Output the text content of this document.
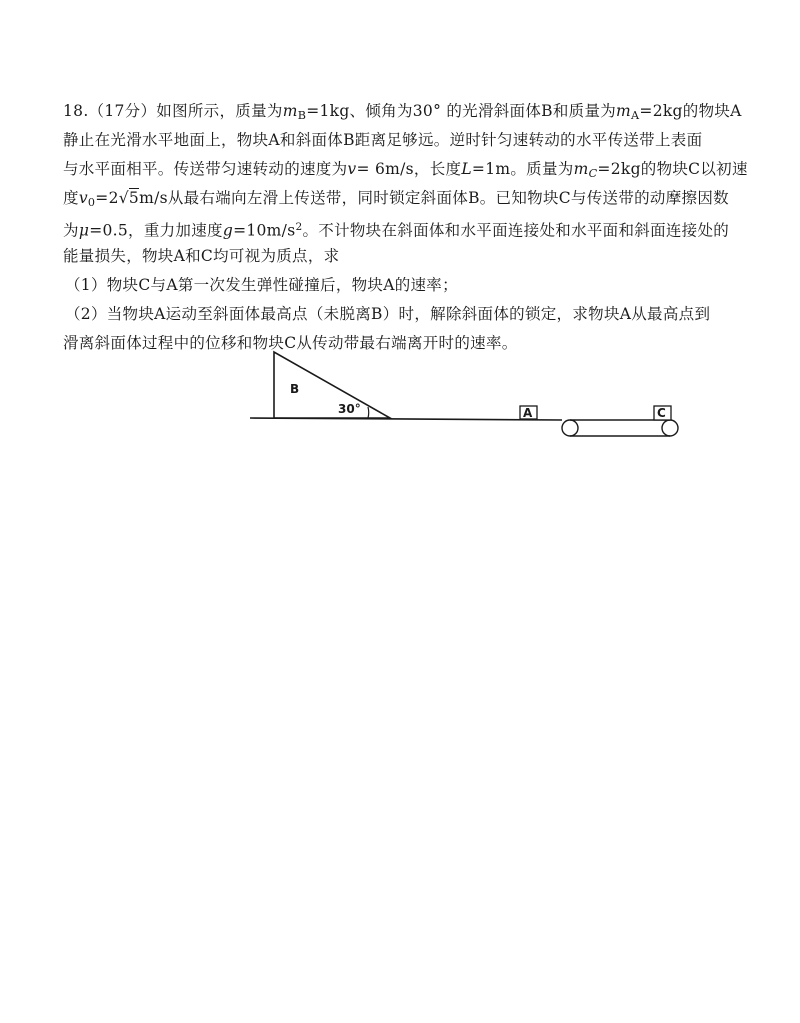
18.（17分）如图所示，质量为$m_B=1kg$、倾角为30° 的光滑斜面体B和质量为$m_A=2kg$的物块A
静止在光滑水平地面上，物块A和斜面体B距离足够远。逆时针匀速转动的水平传送带上表面
与水平面相平。传送带匀速转动的速度为v= 6m/s，长度L=1m。质量为$m_C=2kg$的物块C以初速
度$v_0=2√5m/s$从最右端向左滑上传送带，同时锁定斜面体B。已知物块C与传送带的动摩擦因数
为μ=0.5，重力加速度$g=10m/s^2$。不计物块在斜面体和水平面连接处和水平面和斜面连接处的
能量损失，物块A和C均可视为质点，求
（1）物块C与A第一次发生弹性碰撞后，物块A的速率；
（2）当物块A运动至斜面体最高点（未脱离B）时，解除斜面体的锁定，求物块A从最高点到
滑离斜面体过程中的位移和物块C从传动带最右端离开时的速率。
B
30°	A	C
